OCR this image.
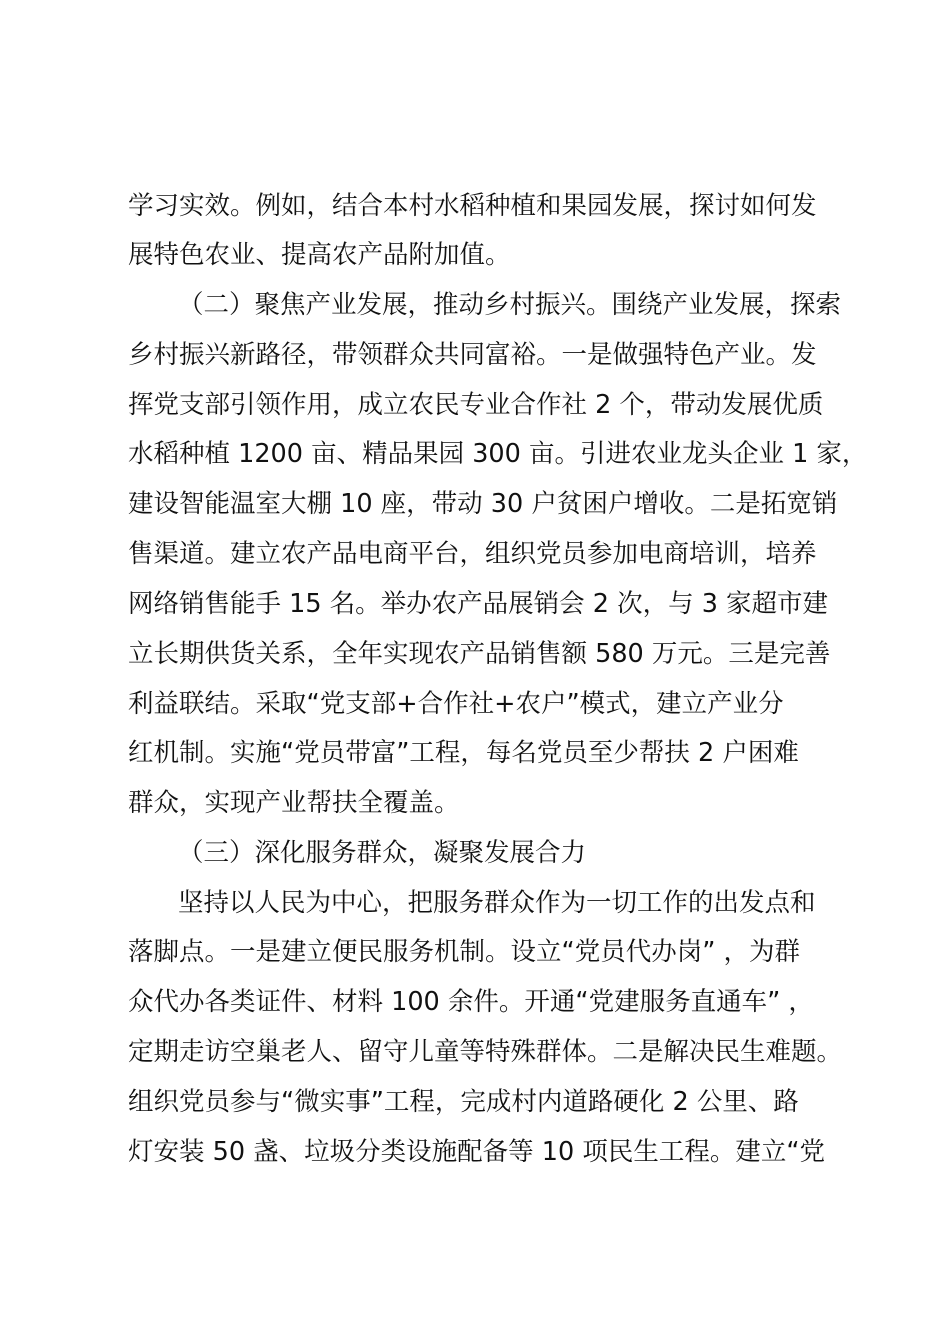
学习实效。例如，结合本村水稻种植和果园发展，探讨如何发
展特色农业、提高农产品附加值。
（二）聚焦产业发展，推动乡村振兴。围绕产业发展，探索
乡村振兴新路径，带领群众共同富裕。一是做强特色产业。发
挥党支部引领作用，成立农民专业合作社 2 个，带动发展优质
水稻种植 1200 亩、精品果园 300 亩。引进农业龙头企业 1 家，
建设智能温室大棚 10 座，带动 30 户贫困户增收。二是拓宽销
售渠道。建立农产品电商平台，组织党员参加电商培训，培养
网络销售能手 15 名。举办农产品展销会 2 次，与 3 家超市建
立长期供货关系，全年实现农产品销售额 580 万元。三是完善
利益联结。采取“党支部+合作社+农户”模式，建立产业分
红机制。实施“党员带富”工程，每名党员至少帮扶 2 户困难
群众，实现产业帮扶全覆盖。
（三）深化服务群众，凝聚发展合力
坚持以人民为中心，把服务群众作为一切工作的出发点和
落脚点。一是建立便民服务机制。设立“党员代办岗” ，为群
众代办各类证件、材料 100 余件。开通“党建服务直通车” ，
定期走访空巢老人、留守儿童等特殊群体。二是解决民生难题。
组织党员参与“微实事”工程，完成村内道路硬化 2 公里、路
灯安装 50 盏、垃圾分类设施配备等 10 项民生工程。建立“党
